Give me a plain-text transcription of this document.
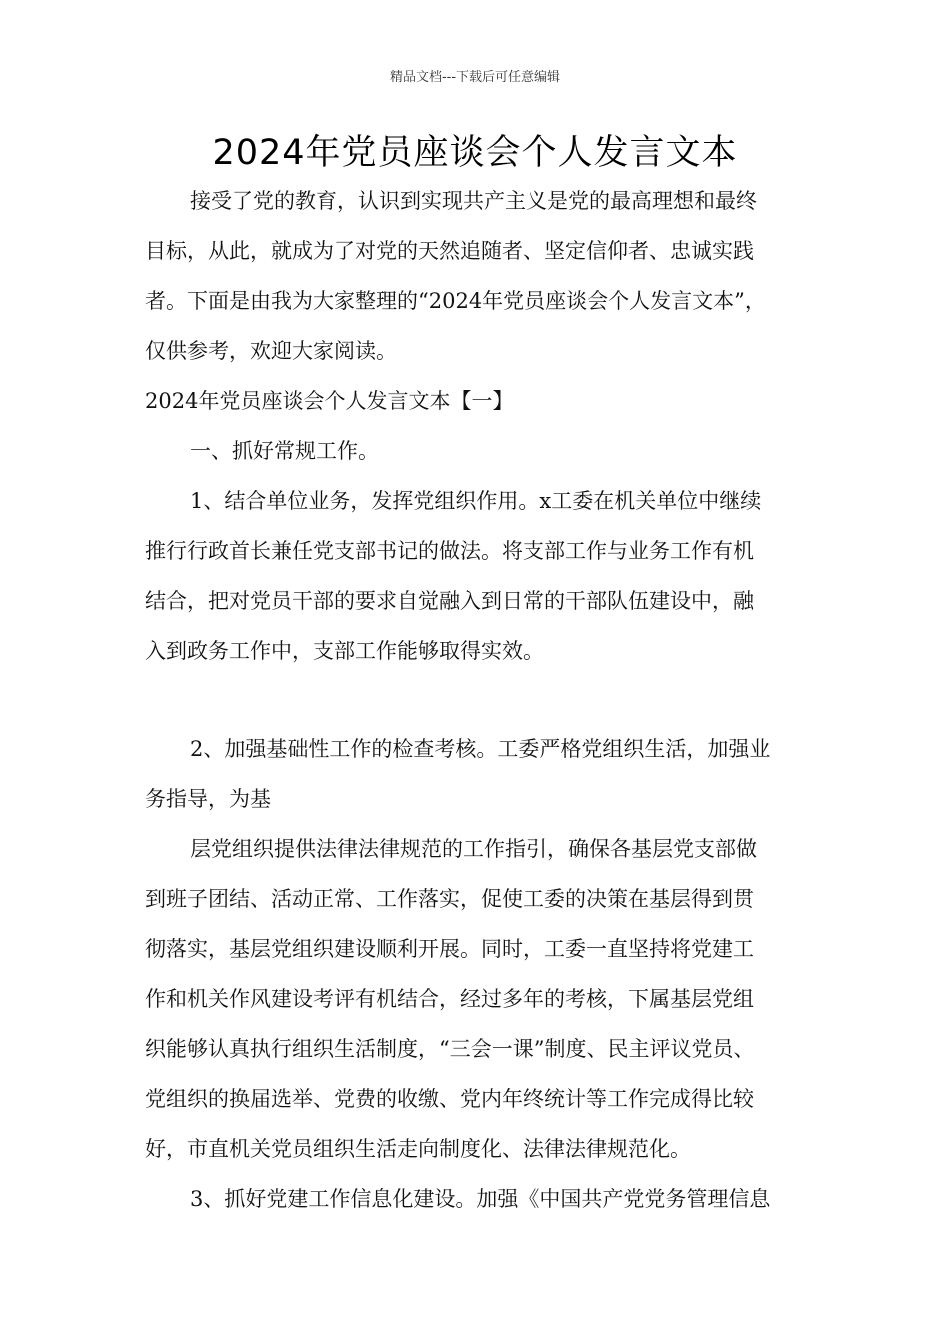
精品文档---下载后可任意编辑
2024年党员座谈会个人发言文本
接受了党的教育，认识到实现共产主义是党的最高理想和最终
目标，从此，就成为了对党的天然追随者、坚定信仰者、忠诚实践
者。下面是由我为大家整理的“2024年党员座谈会个人发言文本”，
仅供参考，欢迎大家阅读。
2024年党员座谈会个人发言文本【一】
一、抓好常规工作。
1、结合单位业务，发挥党组织作用。x工委在机关单位中继续
推行行政首长兼任党支部书记的做法。将支部工作与业务工作有机
结合，把对党员干部的要求自觉融入到日常的干部队伍建设中，融
入到政务工作中，支部工作能够取得实效。
2、加强基础性工作的检查考核。工委严格党组织生活，加强业
务指导，为基
层党组织提供法律法律规范的工作指引，确保各基层党支部做
到班子团结、活动正常、工作落实，促使工委的决策在基层得到贯
彻落实，基层党组织建设顺利开展。同时，工委一直坚持将党建工
作和机关作风建设考评有机结合，经过多年的考核，下属基层党组
织能够认真执行组织生活制度，“三会一课”制度、民主评议党员、
党组织的换届选举、党费的收缴、党内年终统计等工作完成得比较
好，市直机关党员组织生活走向制度化、法律法律规范化。
3、抓好党建工作信息化建设。加强《中国共产党党务管理信息
